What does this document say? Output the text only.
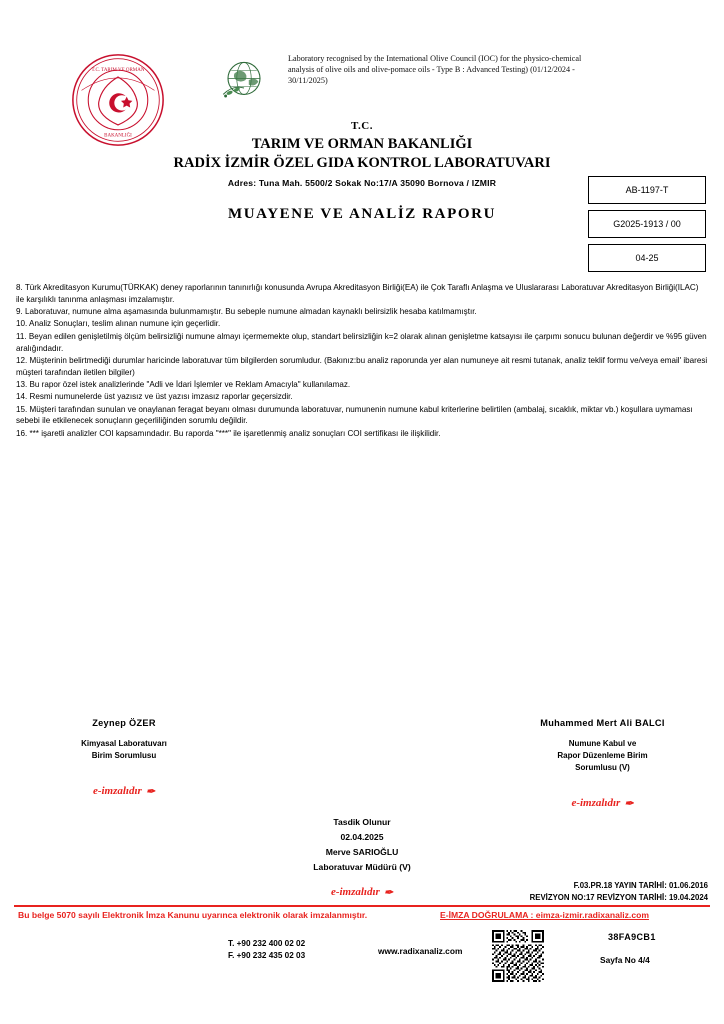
T.C. TARIM VE ORMAN
BAKANLIĞI
Laboratory recognised by the International Olive Council (IOC) for the physico-chemical analysis of olive oils and olive-pomace oils - Type B : Advanced Testing) (01/12/2024 - 30/11/2025)
T.C.
TARIM VE ORMAN BAKANLIĞI
RADİX İZMİR ÖZEL GIDA KONTROL LABORATUVARI
Adres: Tuna Mah. 5500/2 Sokak No:17/A 35090 Bornova / IZMIR
MUAYENE VE ANALİZ RAPORU
AB-1197-T
G2025-1913 / 00
04-25

8. Türk Akreditasyon Kurumu(TÜRKAK) deney raporlarının tanınırlığı konusunda Avrupa Akreditasyon Birliği(EA) ile Çok Taraflı Anlaşma ve Uluslararası Laboratuvar Akreditasyon Birliği(ILAC) ile karşılıklı tanınma anlaşması imzalamıştır.

9. Laboratuvar, numune alma aşamasında bulunmamıştır. Bu sebeple numune almadan kaynaklı belirsizlik hesaba katılmamıştır.

10. Analiz Sonuçları, teslim alınan numune için geçerlidir.

11. Beyan edilen genişletilmiş ölçüm belirsizliği numune almayı içermemekte olup, standart belirsizliğin k=2 olarak alınan genişletme katsayısı ile çarpımı sonucu bulunan değerdir ve %95 güven aralığındadır.

12. Müşterinin belirtmediği durumlar haricinde laboratuvar tüm bilgilerden sorumludur. (Bakınız:bu analiz raporunda yer alan numuneye ait resmi tutanak, analiz teklif formu ve/veya email' ibaresi müşteri tarafından iletilen bilgiler)

13. Bu rapor özel istek analizlerinde "Adli ve İdari İşlemler ve Reklam Amacıyla" kullanılamaz.

14. Resmi numunelerde üst yazısız ve üst yazısı imzasız raporlar geçersizdir.

15. Müşteri tarafından sunulan ve onaylanan feragat beyanı olması durumunda laboratuvar, numunenin numune kabul kriterlerine belirtilen (ambalaj, sıcaklık, miktar vb.) koşullara uymaması sebebi ile etkilenecek sonuçların geçerliliğinden sorumlu değildir.

16. *** işaretli analizler COI kapsamındadır. Bu raporda "***" ile işaretlenmiş analiz sonuçları COI sertifikası ile ilişkilidir.

Zeynep ÖZER
Kimyasal Laboratuvarı
Birim Sorumlusu
e-imzalıdır ✒
Muhammed Mert Ali BALCI
Numune Kabul ve
Rapor Düzenleme Birim
Sorumlusu (V)
e-imzalıdır ✒
Tasdik Olunur
02.04.2025
Merve SARIOĞLU
Laboratuvar Müdürü (V)
e-imzalıdır ✒
F.03.PR.18 YAYIN TARİHİ: 01.06.2016
REVİZYON NO:17 REVİZYON TARİHİ: 19.04.2024
Bu belge 5070 sayılı Elektronik İmza Kanunu uyarınca elektronik olarak imzalanmıştır.	E-İMZA DOĞRULAMA : eimza-izmir.radixanaliz.com
T. +90 232 400 02 02
F. +90 232 435 02 03	www.radixanaliz.com
38FA9CB1
Sayfa No 4/4
